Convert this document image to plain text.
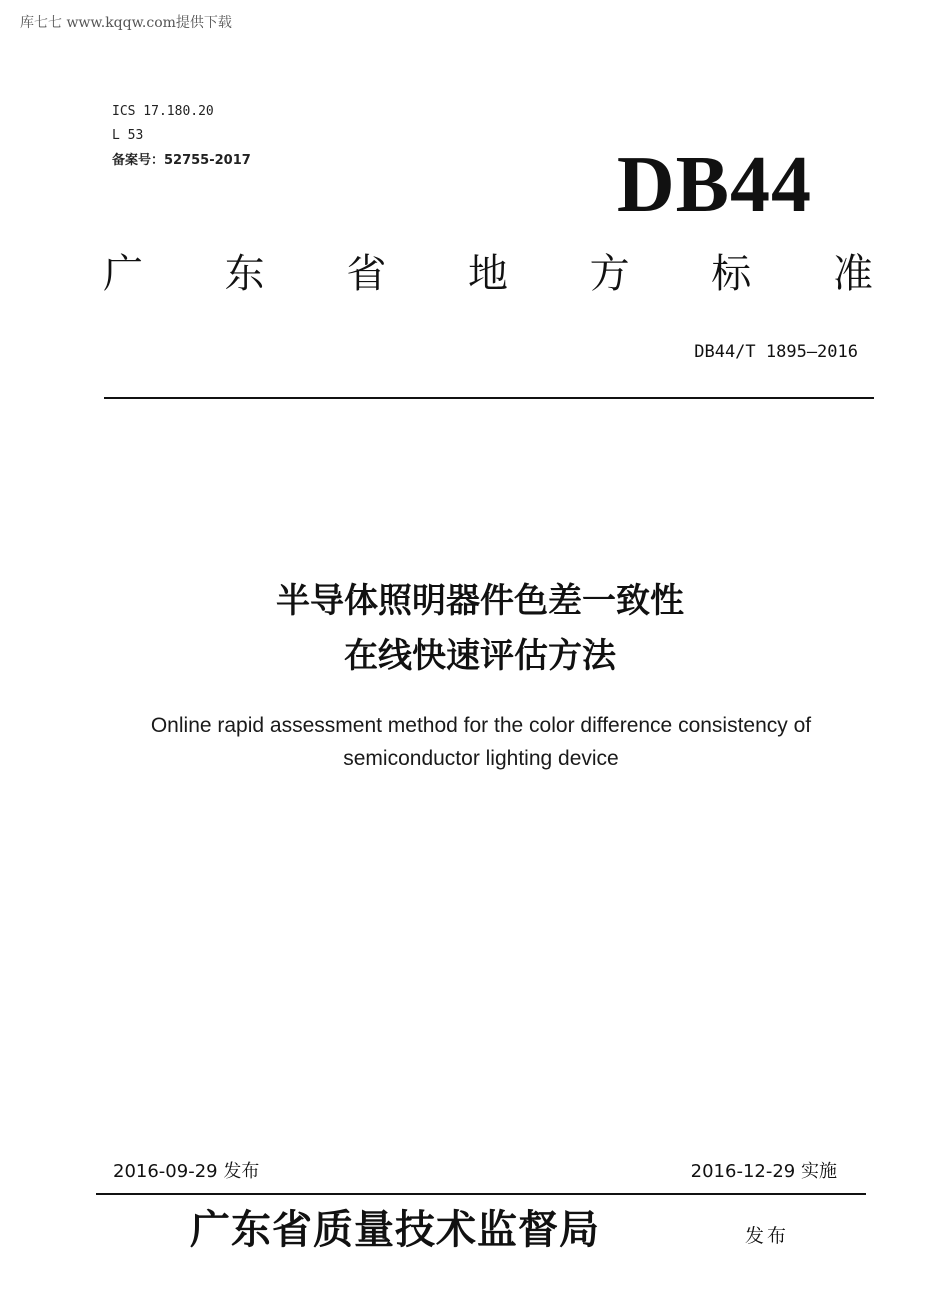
库七七 www.kqqw.com提供下载
ICS 17.180.20
L 53
备案号：52755-2017	DB44
广 东 省 地 方 标 准
DB44/T 1895—2016
半导体照明器件色差一致性
在线快速评估方法
Online rapid assessment method for the color difference consistency of
semiconductor lighting device
2016-09-29 发布	2016-12-29 实施
广东省质量技术监督局	发布
